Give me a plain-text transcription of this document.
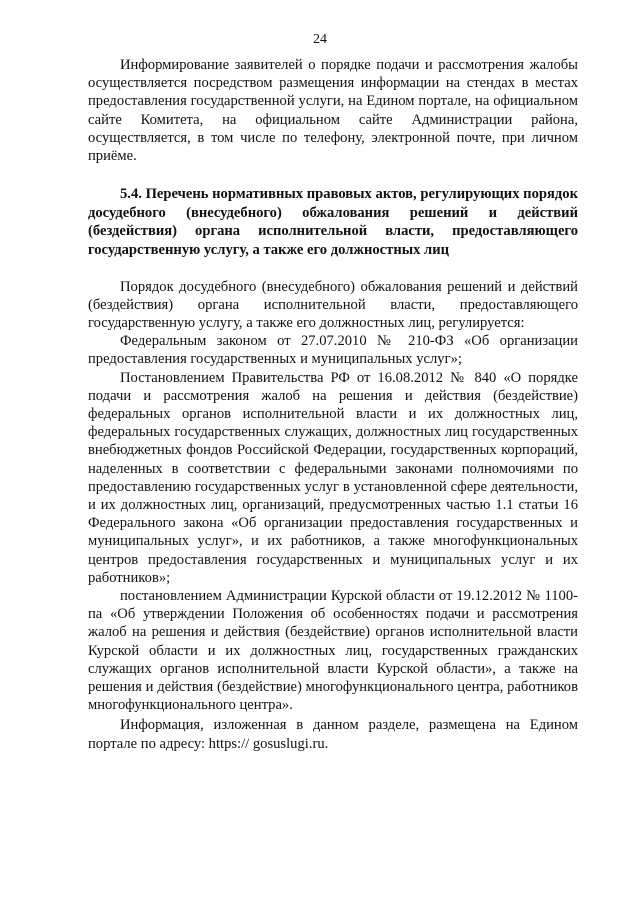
24

Информирование заявителей о порядке подачи и рассмотрения жалобы осуществляется посредством размещения информации на стендах в местах предоставления государственной услуги, на Едином портале, на официальном сайте Комитета, на официальном сайте Администрации района, осуществляется, в том числе по телефону, электронной почте, при личном приёме.

5.4. Перечень нормативных правовых актов, регулирующих порядок досудебного (внесудебного) обжалования решений и действий (бездействия) органа исполнительной власти, предоставляющего государственную услугу, а также его должностных лиц

Порядок досудебного (внесудебного) обжалования решений и действий (бездействия) органа исполнительной власти, предоставляющего государственную услугу, а также его должностных лиц, регулируется:

Федеральным законом от 27.07.2010 № 210-ФЗ «Об организации предоставления государственных и муниципальных услуг»;

Постановлением Правительства РФ от 16.08.2012 № 840 «О порядке подачи и рассмотрения жалоб на решения и действия (бездействие) федеральных органов исполнительной власти и их должностных лиц, федеральных государственных служащих, должностных лиц государственных внебюджетных фондов Российской Федерации, государственных корпораций, наделенных в соответствии с федеральными законами полномочиями по предоставлению государственных услуг в установленной сфере деятельности, и их должностных лиц, организаций, предусмотренных частью 1.1 статьи 16 Федерального закона «Об организации предоставления государственных и муниципальных услуг», и их работников, а также многофункциональных центров предоставления государственных и муниципальных услуг и их работников»;

постановлением Администрации Курской области от 19.12.2012 № 1100-па «Об утверждении Положения об особенностях подачи и рассмотрения жалоб на решения и действия (бездействие) органов исполнительной власти Курской области и их должностных лиц, государственных гражданских служащих органов исполнительной власти Курской области», а также на решения и действия (бездействие) многофункционального центра, работников многофункционального центра».

Информация, изложенная в данном разделе, размещена на Едином портале по адресу: https:// gosuslugi.ru.
